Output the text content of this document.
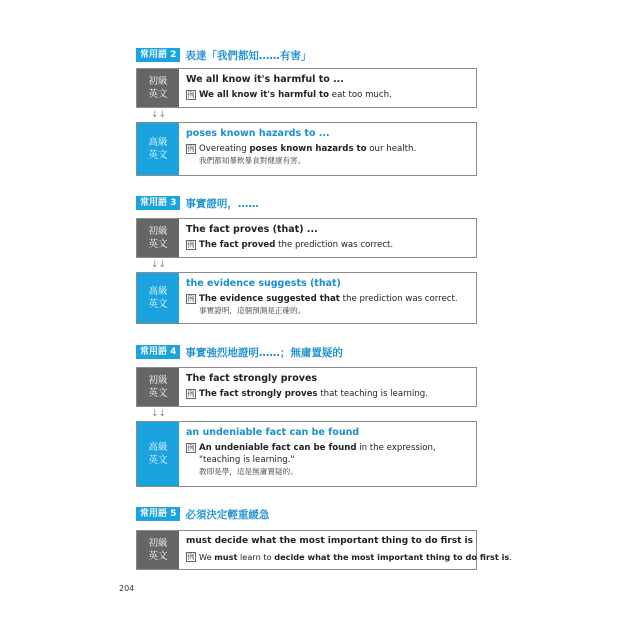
常用語 2 表達「我們都知……有害」
初級
英文
We all know it's harmful to ...
例 We all know it's harmful to eat too much.
↓↓
高級
英文
poses known hazards to ...
例 Overeating poses known hazards to our health.
我們都知暴飲暴食對健康有害。
常用語 3 事實證明，……
初級
英文
The fact proves (that) ...
例 The fact proved the prediction was correct.
↓↓
高級
英文
the evidence suggests (that)
例 The evidence suggested that the prediction was correct.
事實證明，這個預測是正確的。
常用語 4 事實強烈地證明……；無庸置疑的
初級
英文
The fact strongly proves
例 The fact strongly proves that teaching is learning.
↓↓
高級
英文
an undeniable fact can be found
例 An undeniable fact can be found in the expression, "teaching is learning."
教即是學，這是無庸置疑的。
常用語 5 必須決定輕重緩急
初級
英文
must decide what the most important thing to do first is
例 We must learn to decide what the most important thing to do first is.
204
